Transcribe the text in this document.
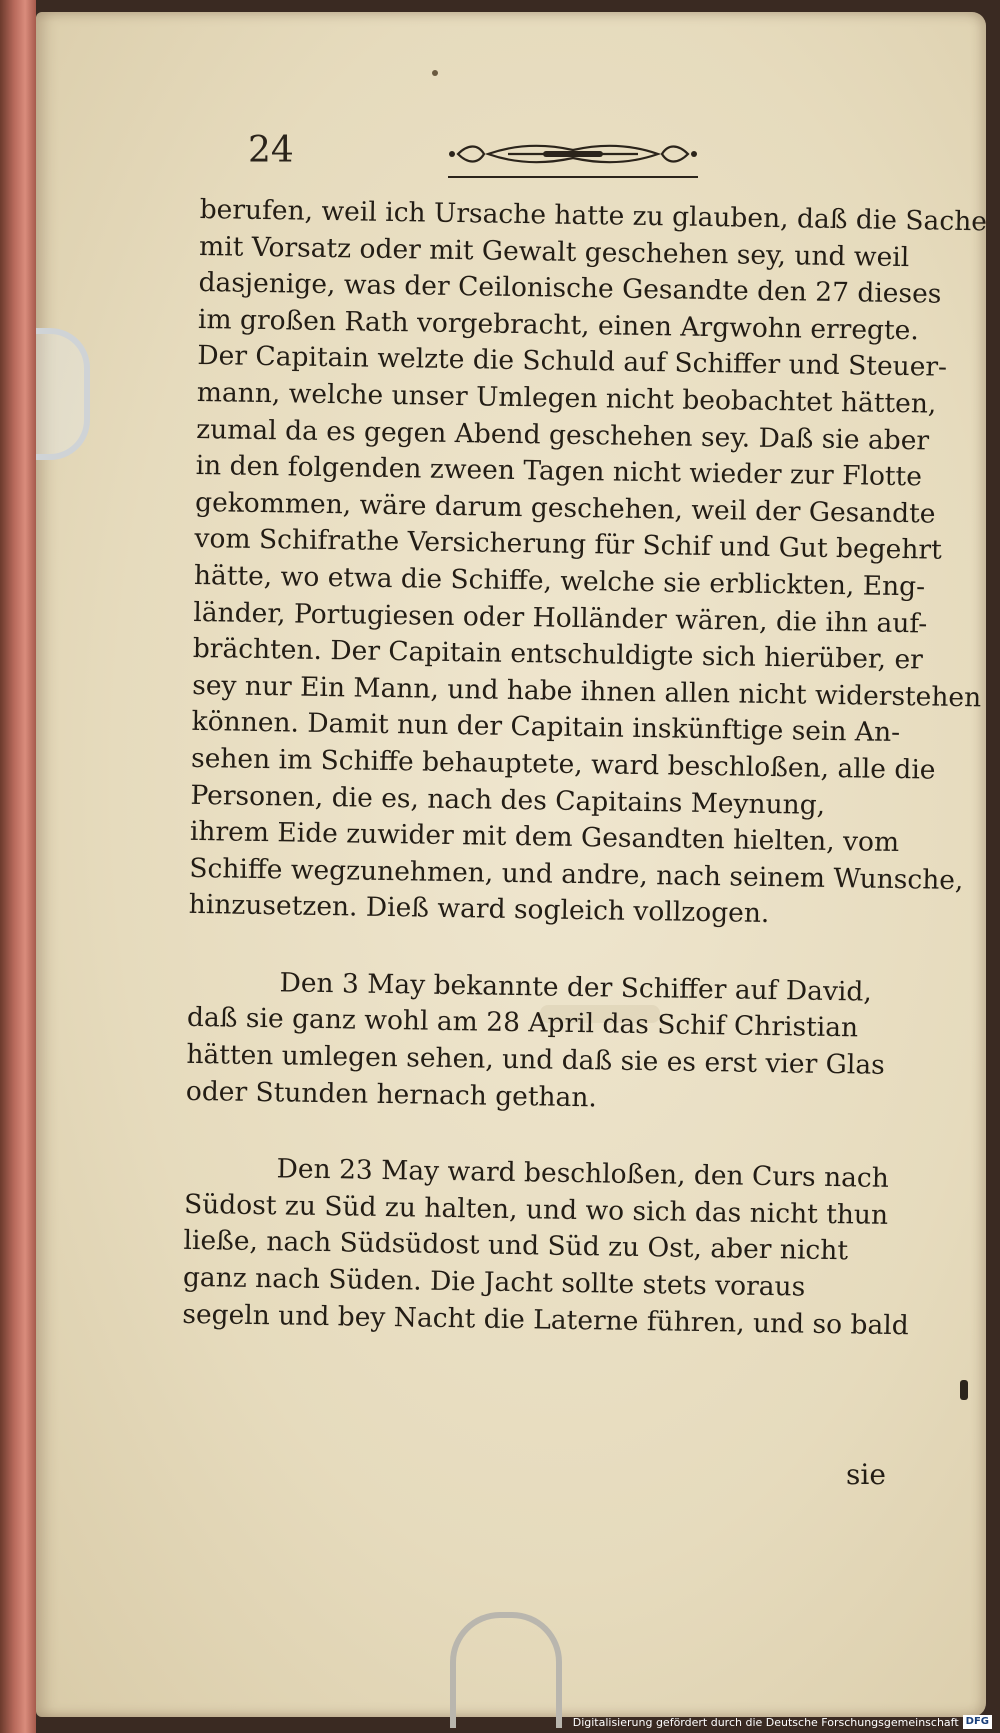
24
berufen, weil ich Ursache hatte zu glauben, daß die Sache
mit Vorsatz oder mit Gewalt geschehen sey, und weil
dasjenige, was der Ceilonische Gesandte den 27 dieses
im großen Rath vorgebracht, einen Argwohn erregte.
Der Capitain welzte die Schuld auf Schiffer und Steuer-
mann, welche unser Umlegen nicht beobachtet hätten,
zumal da es gegen Abend geschehen sey. Daß sie aber
in den folgenden zween Tagen nicht wieder zur Flotte
gekommen, wäre darum geschehen, weil der Gesandte
vom Schifrathe Versicherung für Schif und Gut begehrt
hätte, wo etwa die Schiffe, welche sie erblickten, Eng-
länder, Portugiesen oder Holländer wären, die ihn auf-
brächten. Der Capitain entschuldigte sich hierüber, er
sey nur Ein Mann, und habe ihnen allen nicht widerstehen
können. Damit nun der Capitain inskünftige sein An-
sehen im Schiffe behauptete, ward beschloßen, alle die
Personen, die es, nach des Capitains Meynung,
ihrem Eide zuwider mit dem Gesandten hielten, vom
Schiffe wegzunehmen, und andre, nach seinem Wunsche,
hinzusetzen. Dieß ward sogleich vollzogen.
Den 3 May bekannte der Schiffer auf David,
daß sie ganz wohl am 28 April das Schif Christian
hätten umlegen sehen, und daß sie es erst vier Glas
oder Stunden hernach gethan.
Den 23 May ward beschloßen, den Curs nach
Südost zu Süd zu halten, und wo sich das nicht thun
ließe, nach Südsüdost und Süd zu Ost, aber nicht
ganz nach Süden. Die Jacht sollte stets voraus
segeln und bey Nacht die Laterne führen, und so bald
sie
Digitalisierung gefördert durch die Deutsche Forschungsgemeinschaft DFG
